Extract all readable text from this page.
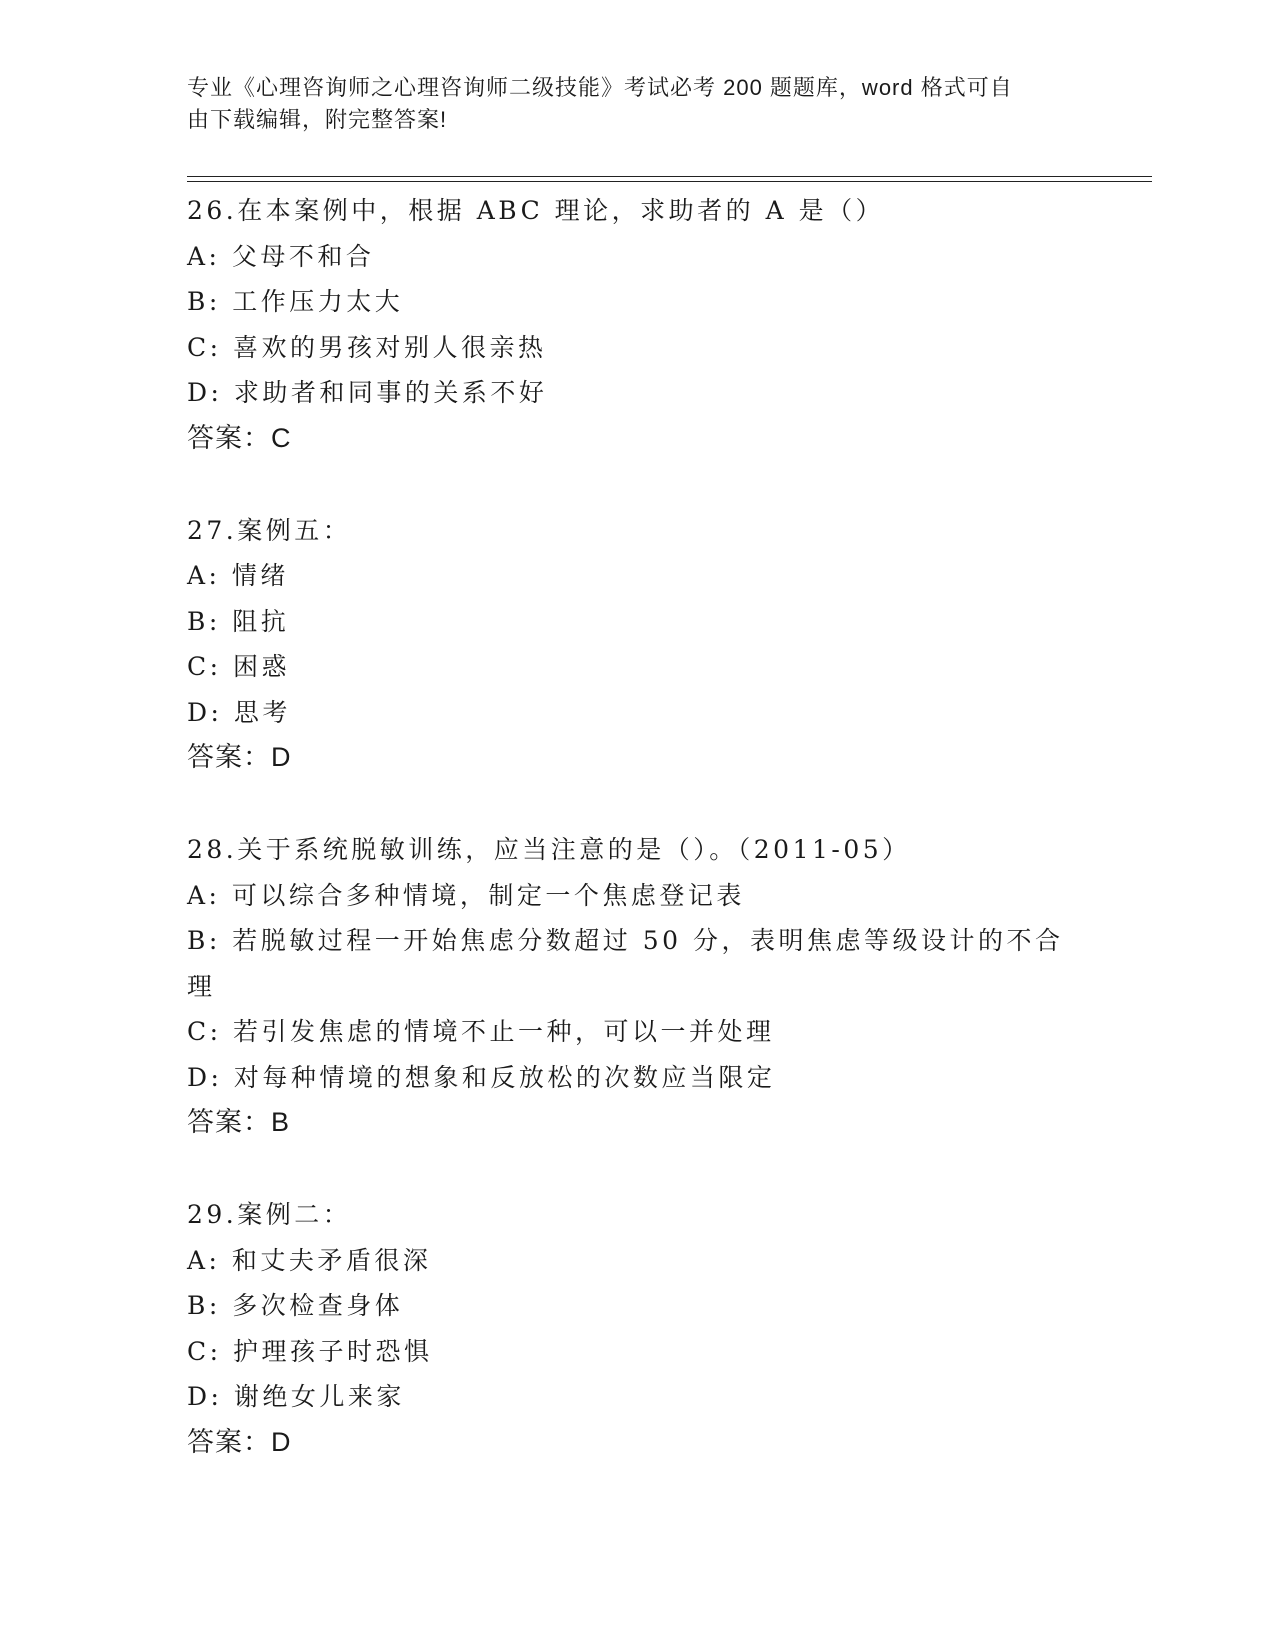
专业《心理咨询师之心理咨询师二级技能》考试必考 200 题题库，word 格式可自
由下载编辑，附完整答案!

26.在本案例中，根据 ABC 理论，求助者的 A 是（）

A: 父母不和合

B: 工作压力太大

C: 喜欢的男孩对别人很亲热

D: 求助者和同事的关系不好

答案：C

27.案例五：

A: 情绪

B: 阻抗

C: 困惑

D: 思考

答案：D

28.关于系统脱敏训练，应当注意的是（）。（2011-05）

A: 可以综合多种情境，制定一个焦虑登记表

B: 若脱敏过程一开始焦虑分数超过 50 分，表明焦虑等级设计的不合理

C: 若引发焦虑的情境不止一种，可以一并处理

D: 对每种情境的想象和反放松的次数应当限定

答案：B

29.案例二：

A: 和丈夫矛盾很深

B: 多次检查身体

C: 护理孩子时恐惧

D: 谢绝女儿来家

答案：D
